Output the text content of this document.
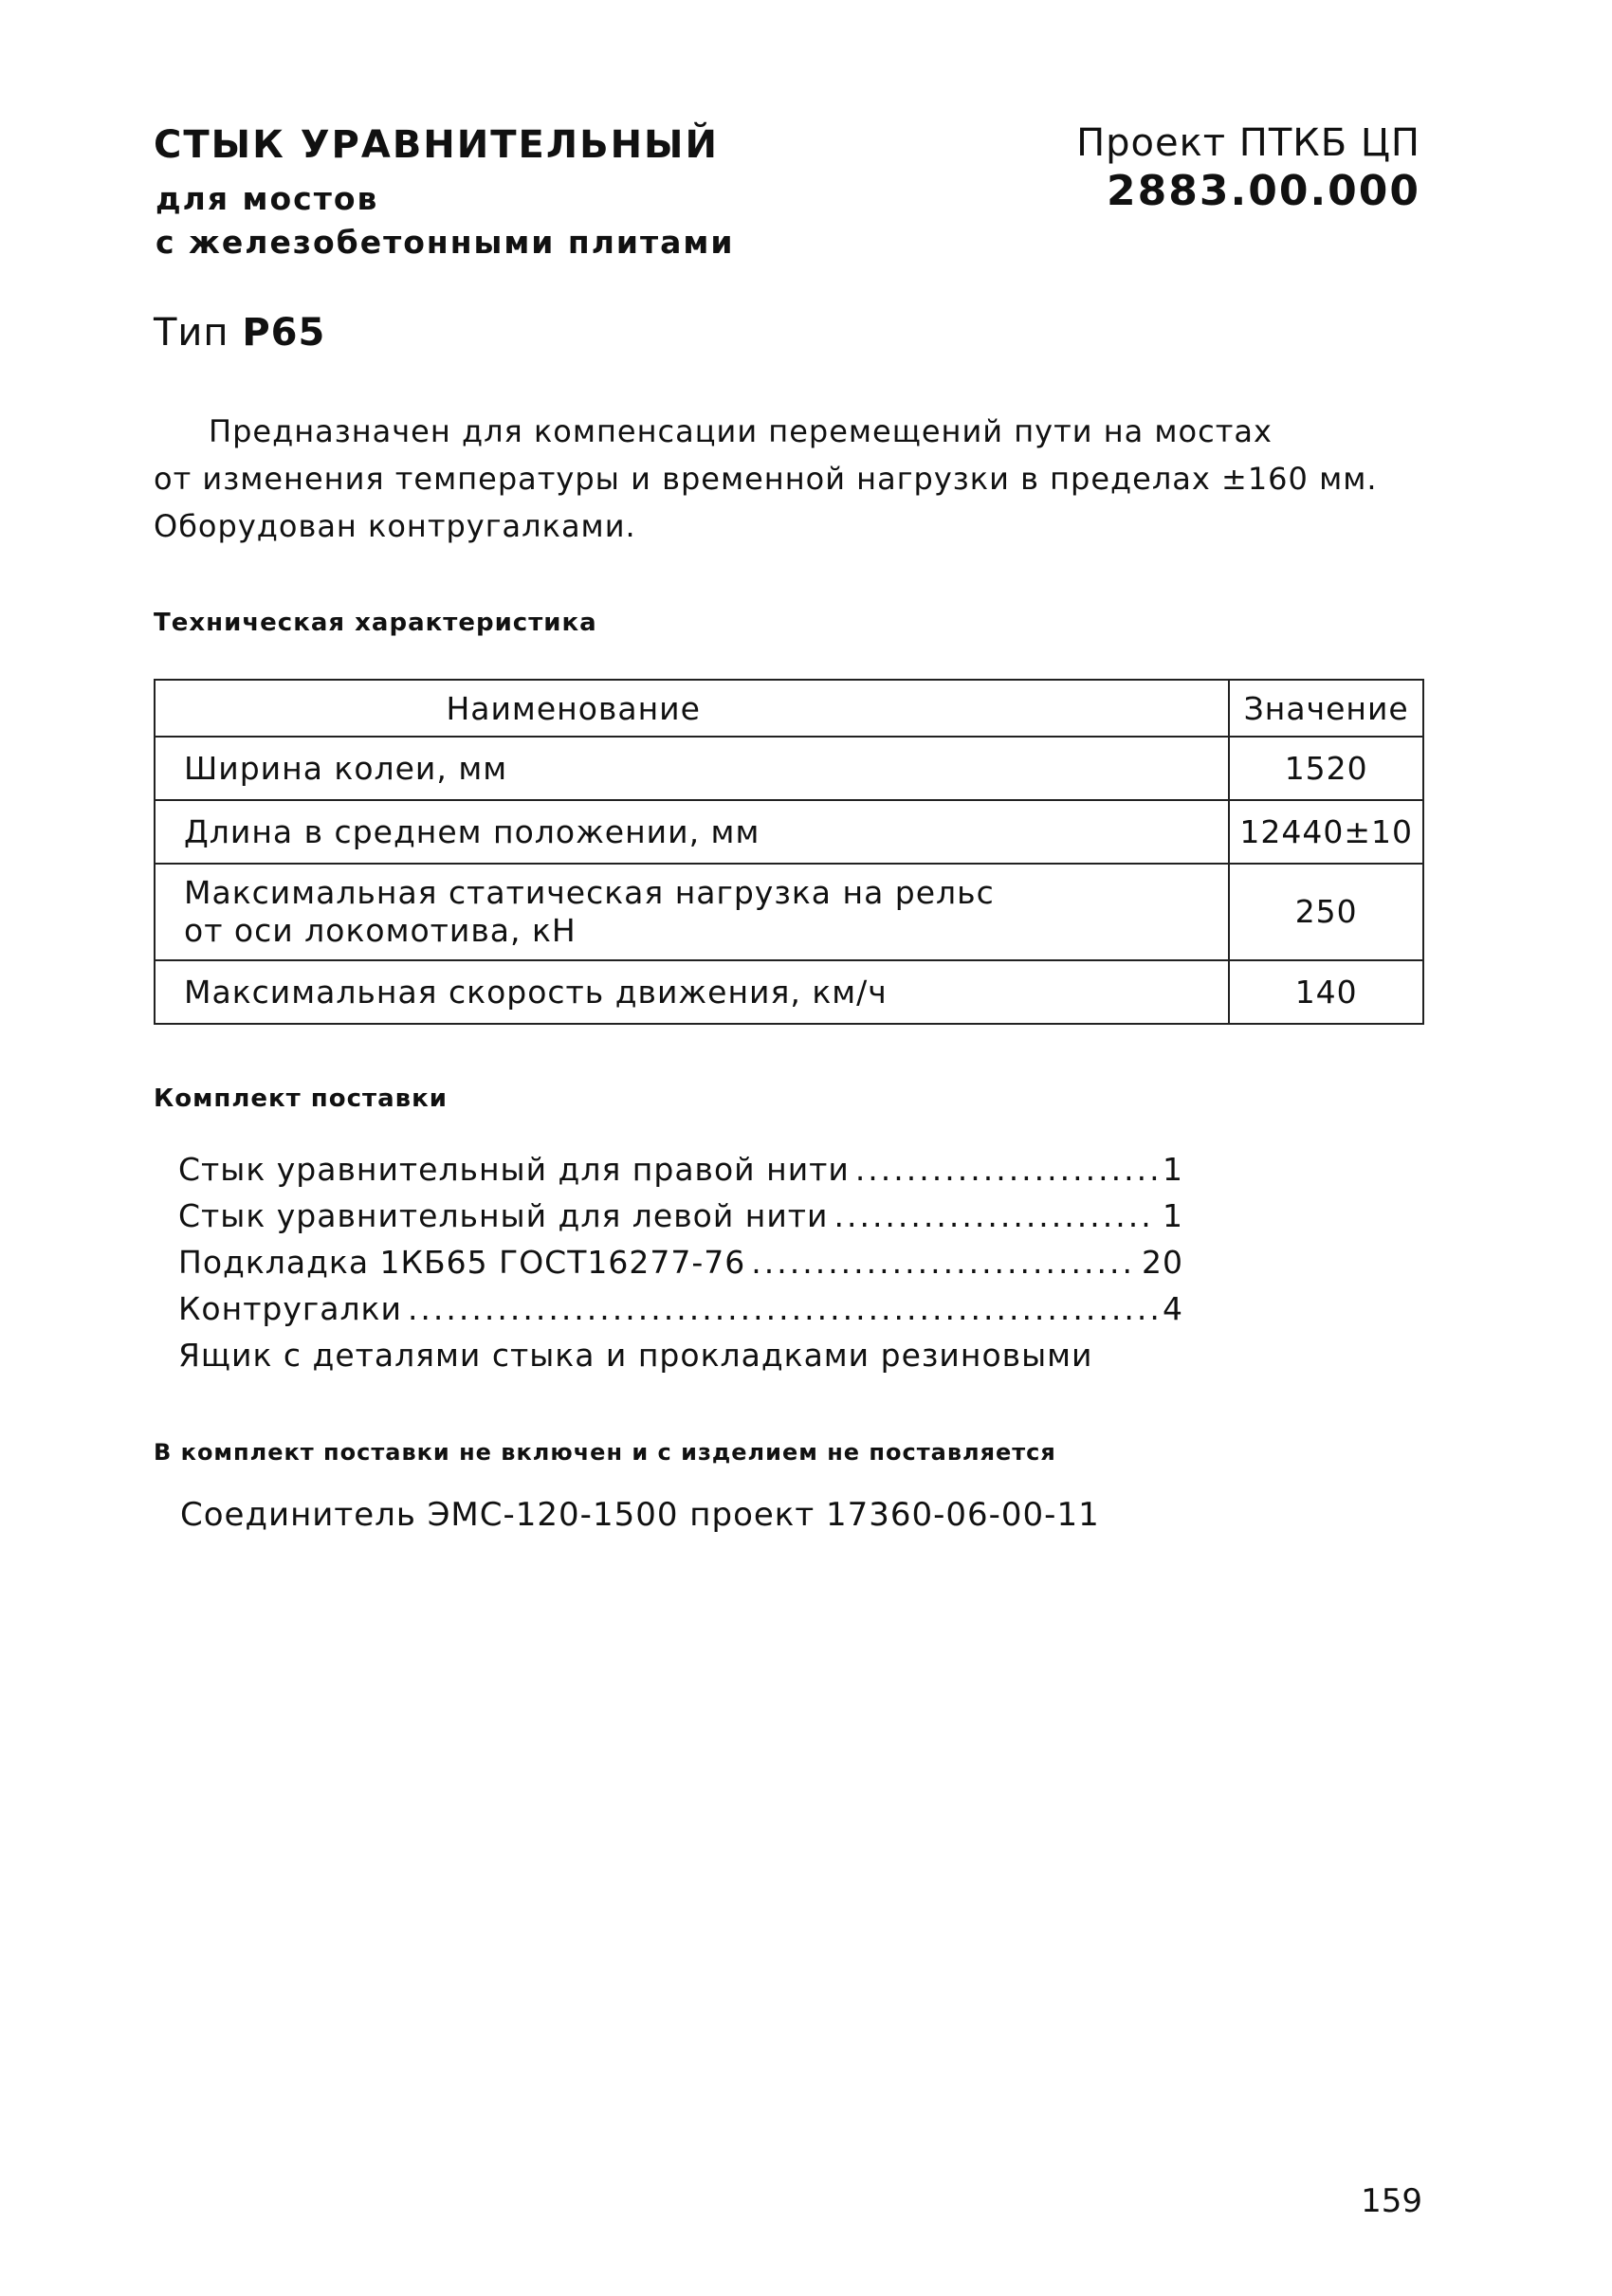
СТЫК УРАВНИТЕЛЬНЫЙ
для мостов
с железобетонными плитами
Проект ПТКБ ЦП
2883.00.000
Тип Р65
Предназначен для компенсации перемещений пути на мостах
от изменения температуры и временной нагрузки в пределах ±160 мм.
Оборудован контругалками.
Техническая характеристика
Наименование	Значение
Ширина колеи, мм	1520
Длина в среднем положении, мм	12440±10

Максимальная статическая нагрузка на рельс
от оси локомотива, кН	250
Максимальная скорость движения, км/ч	140
Комплект поставки
Стык уравнительный для правой нити .....	1
Стык уравнительный для левой нити .....	1
Подкладка 1КБ65 ГОСТ16277-76 .....	20
Контругалки .....	4
Ящик с деталями стыка и прокладками резиновыми
В комплект поставки не включен и с изделием не поставляется
Соединитель ЭМС-120-1500 проект 17360-06-00-11
159
